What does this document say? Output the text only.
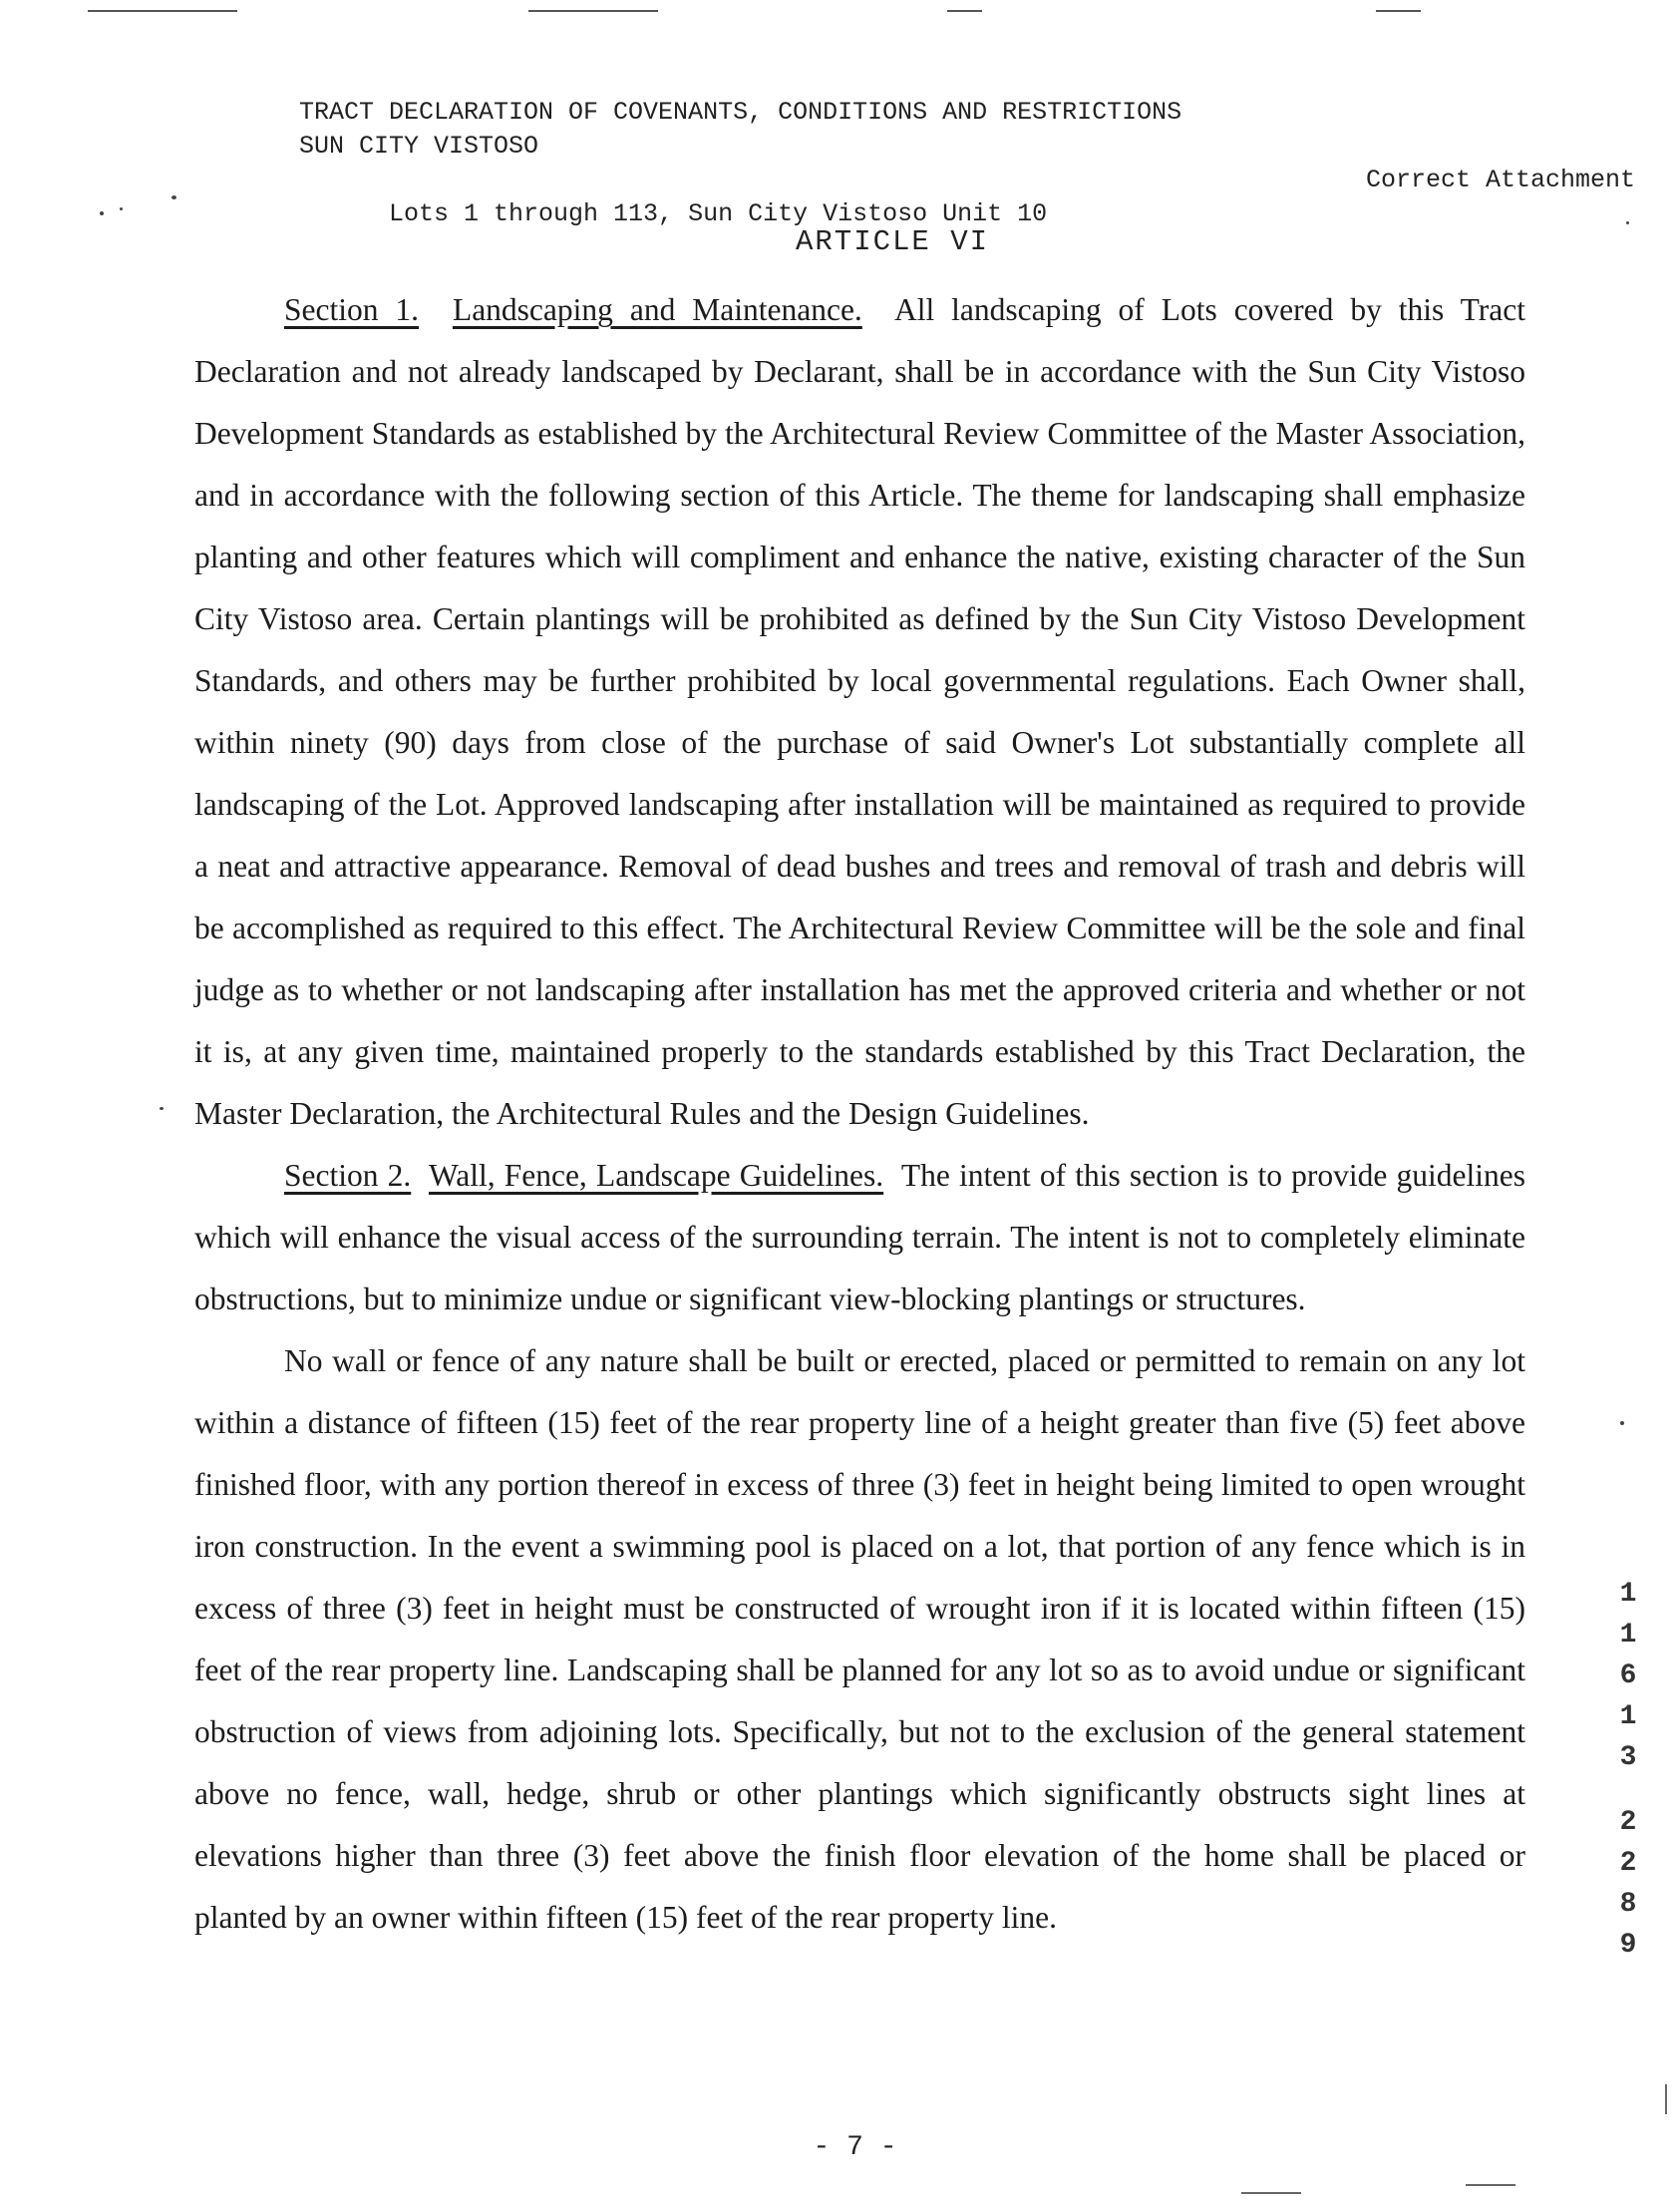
TRACT DECLARATION OF COVENANTS, CONDITIONS AND RESTRICTIONS
SUN CITY VISTOSO

Lots 1 through 113, Sun City Vistoso Unit 10

Correct Attachment

ARTICLE VI

Section 1. Landscaping and Maintenance. All landscaping of Lots covered by this Tract Declaration and not already landscaped by Declarant, shall be in accordance with the Sun City Vistoso Development Standards as established by the Architectural Review Committee of the Master Association, and in accordance with the following section of this Article. The theme for landscaping shall emphasize planting and other features which will compliment and enhance the native, existing character of the Sun City Vistoso area. Certain plantings will be prohibited as defined by the Sun City Vistoso Development Standards, and others may be further prohibited by local governmental regulations. Each Owner shall, within ninety (90) days from close of the purchase of said Owner's Lot substantially complete all landscaping of the Lot. Approved landscaping after installation will be maintained as required to provide a neat and attractive appearance. Removal of dead bushes and trees and removal of trash and debris will be accomplished as required to this effect. The Architectural Review Committee will be the sole and final judge as to whether or not landscaping after installation has met the approved criteria and whether or not it is, at any given time, maintained properly to the standards established by this Tract Declaration, the Master Declaration, the Architectural Rules and the Design Guidelines.

Section 2. Wall, Fence, Landscape Guidelines. The intent of this section is to provide guidelines which will enhance the visual access of the surrounding terrain. The intent is not to completely eliminate obstructions, but to minimize undue or significant view-blocking plantings or structures.

No wall or fence of any nature shall be built or erected, placed or permitted to remain on any lot within a distance of fifteen (15) feet of the rear property line of a height greater than five (5) feet above finished floor, with any portion thereof in excess of three (3) feet in height being limited to open wrought iron construction. In the event a swimming pool is placed on a lot, that portion of any fence which is in excess of three (3) feet in height must be constructed of wrought iron if it is located within fifteen (15) feet of the rear property line. Landscaping shall be planned for any lot so as to avoid undue or significant obstruction of views from adjoining lots. Specifically, but not to the exclusion of the general statement above no fence, wall, hedge, shrub or other plantings which significantly obstructs sight lines at elevations higher than three (3) feet above the finish floor elevation of the home shall be placed or planted by an owner within fifteen (15) feet of the rear property line.

1
1
6
1
3
2
2
8
9
- 7 -
